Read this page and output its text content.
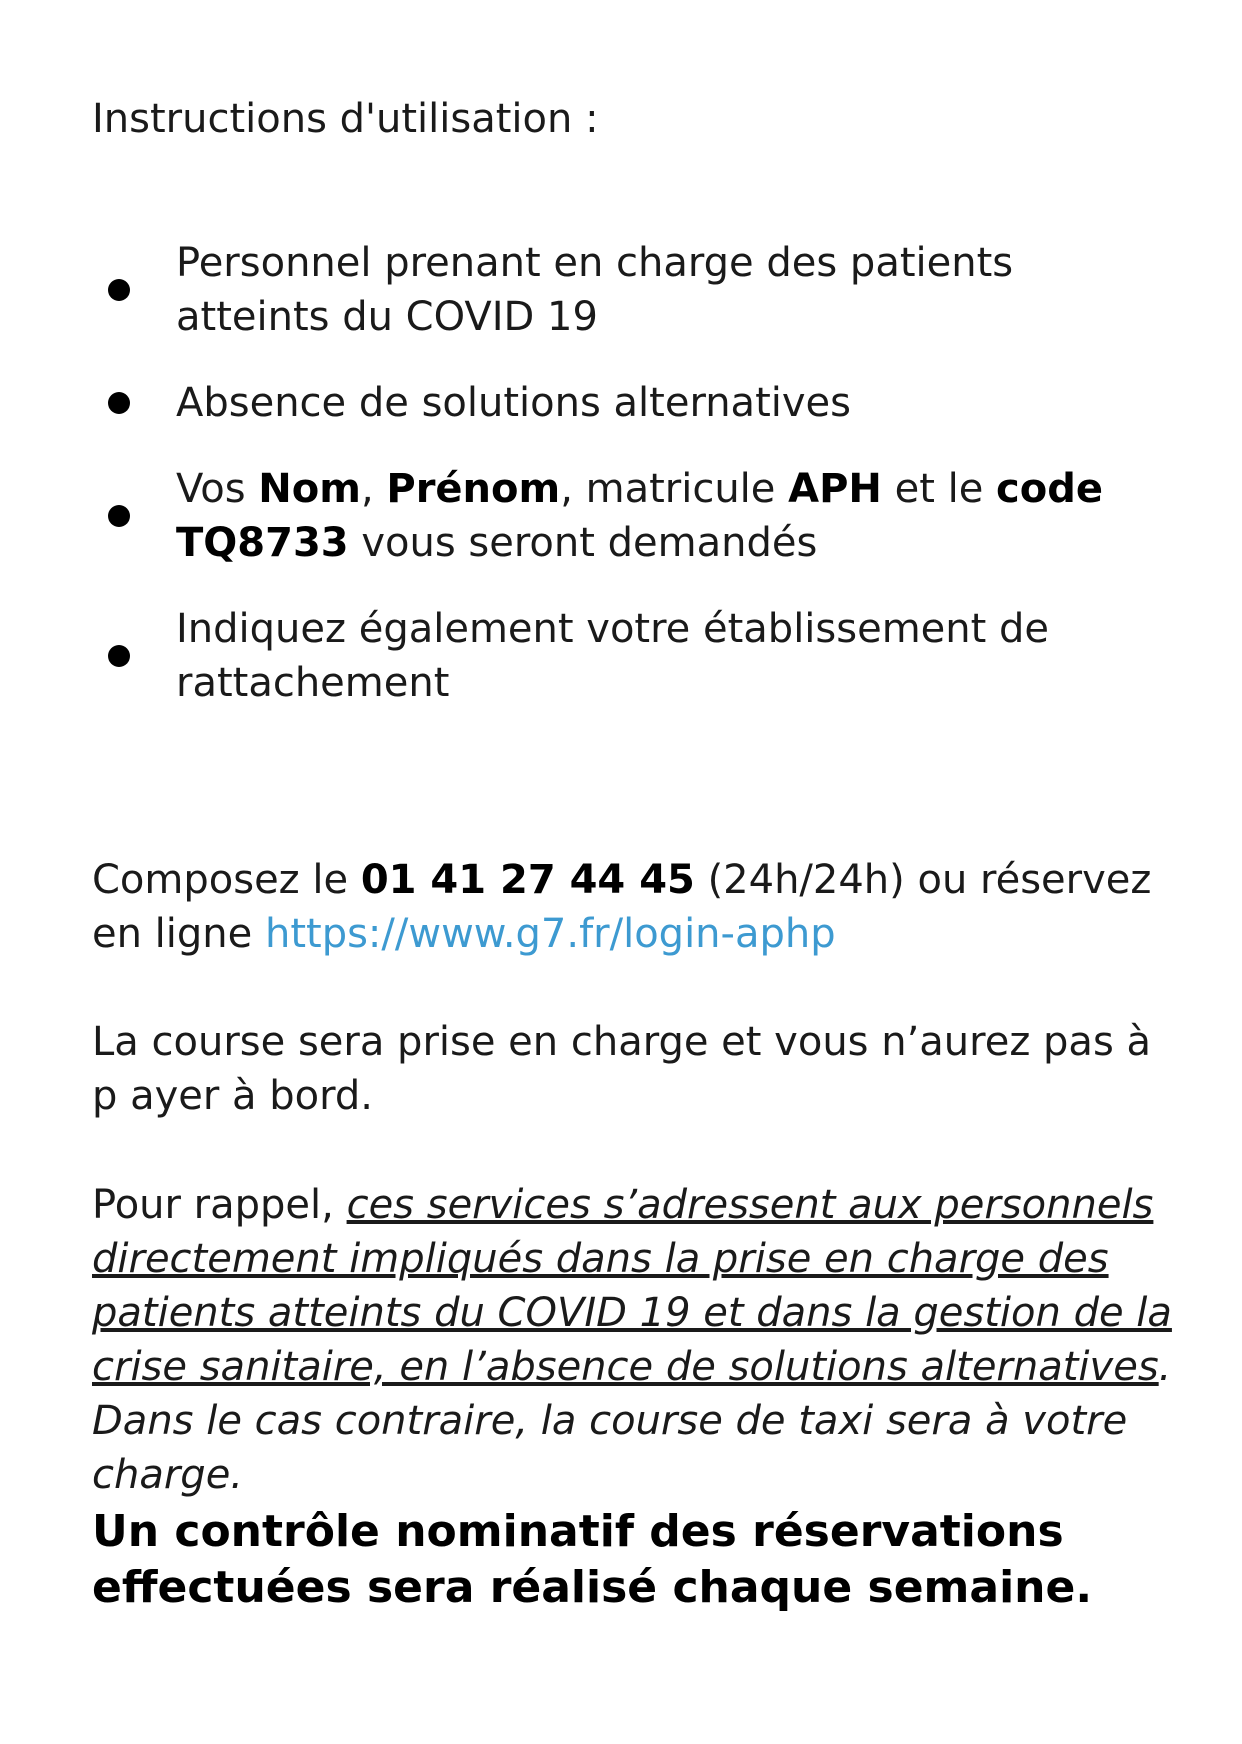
Instructions d'utilisation :
Personnel prenant en charge des patients atteints du COVID 19
Absence de solutions alternatives
Vos Nom, Prénom, matricule APH et le code TQ8733 vous seront demandés
Indiquez également votre établissement de rattachement

Composez le 01 41 27 44 45 (24h/24h) ou réservez en ligne https://www.g7.fr/login-aphp

La course sera prise en charge et vous n’aurez pas à p ayer à bord.

Pour rappel, ces services s’adressent aux personnels directement impliqués dans la prise en charge des patients atteints du COVID 19 et dans la gestion de la crise sanitaire, en l’absence de solutions alternatives. Dans le cas contraire, la course de taxi sera à votre charge.

Un contrôle nominatif des réservations effectuées sera réalisé chaque semaine.
